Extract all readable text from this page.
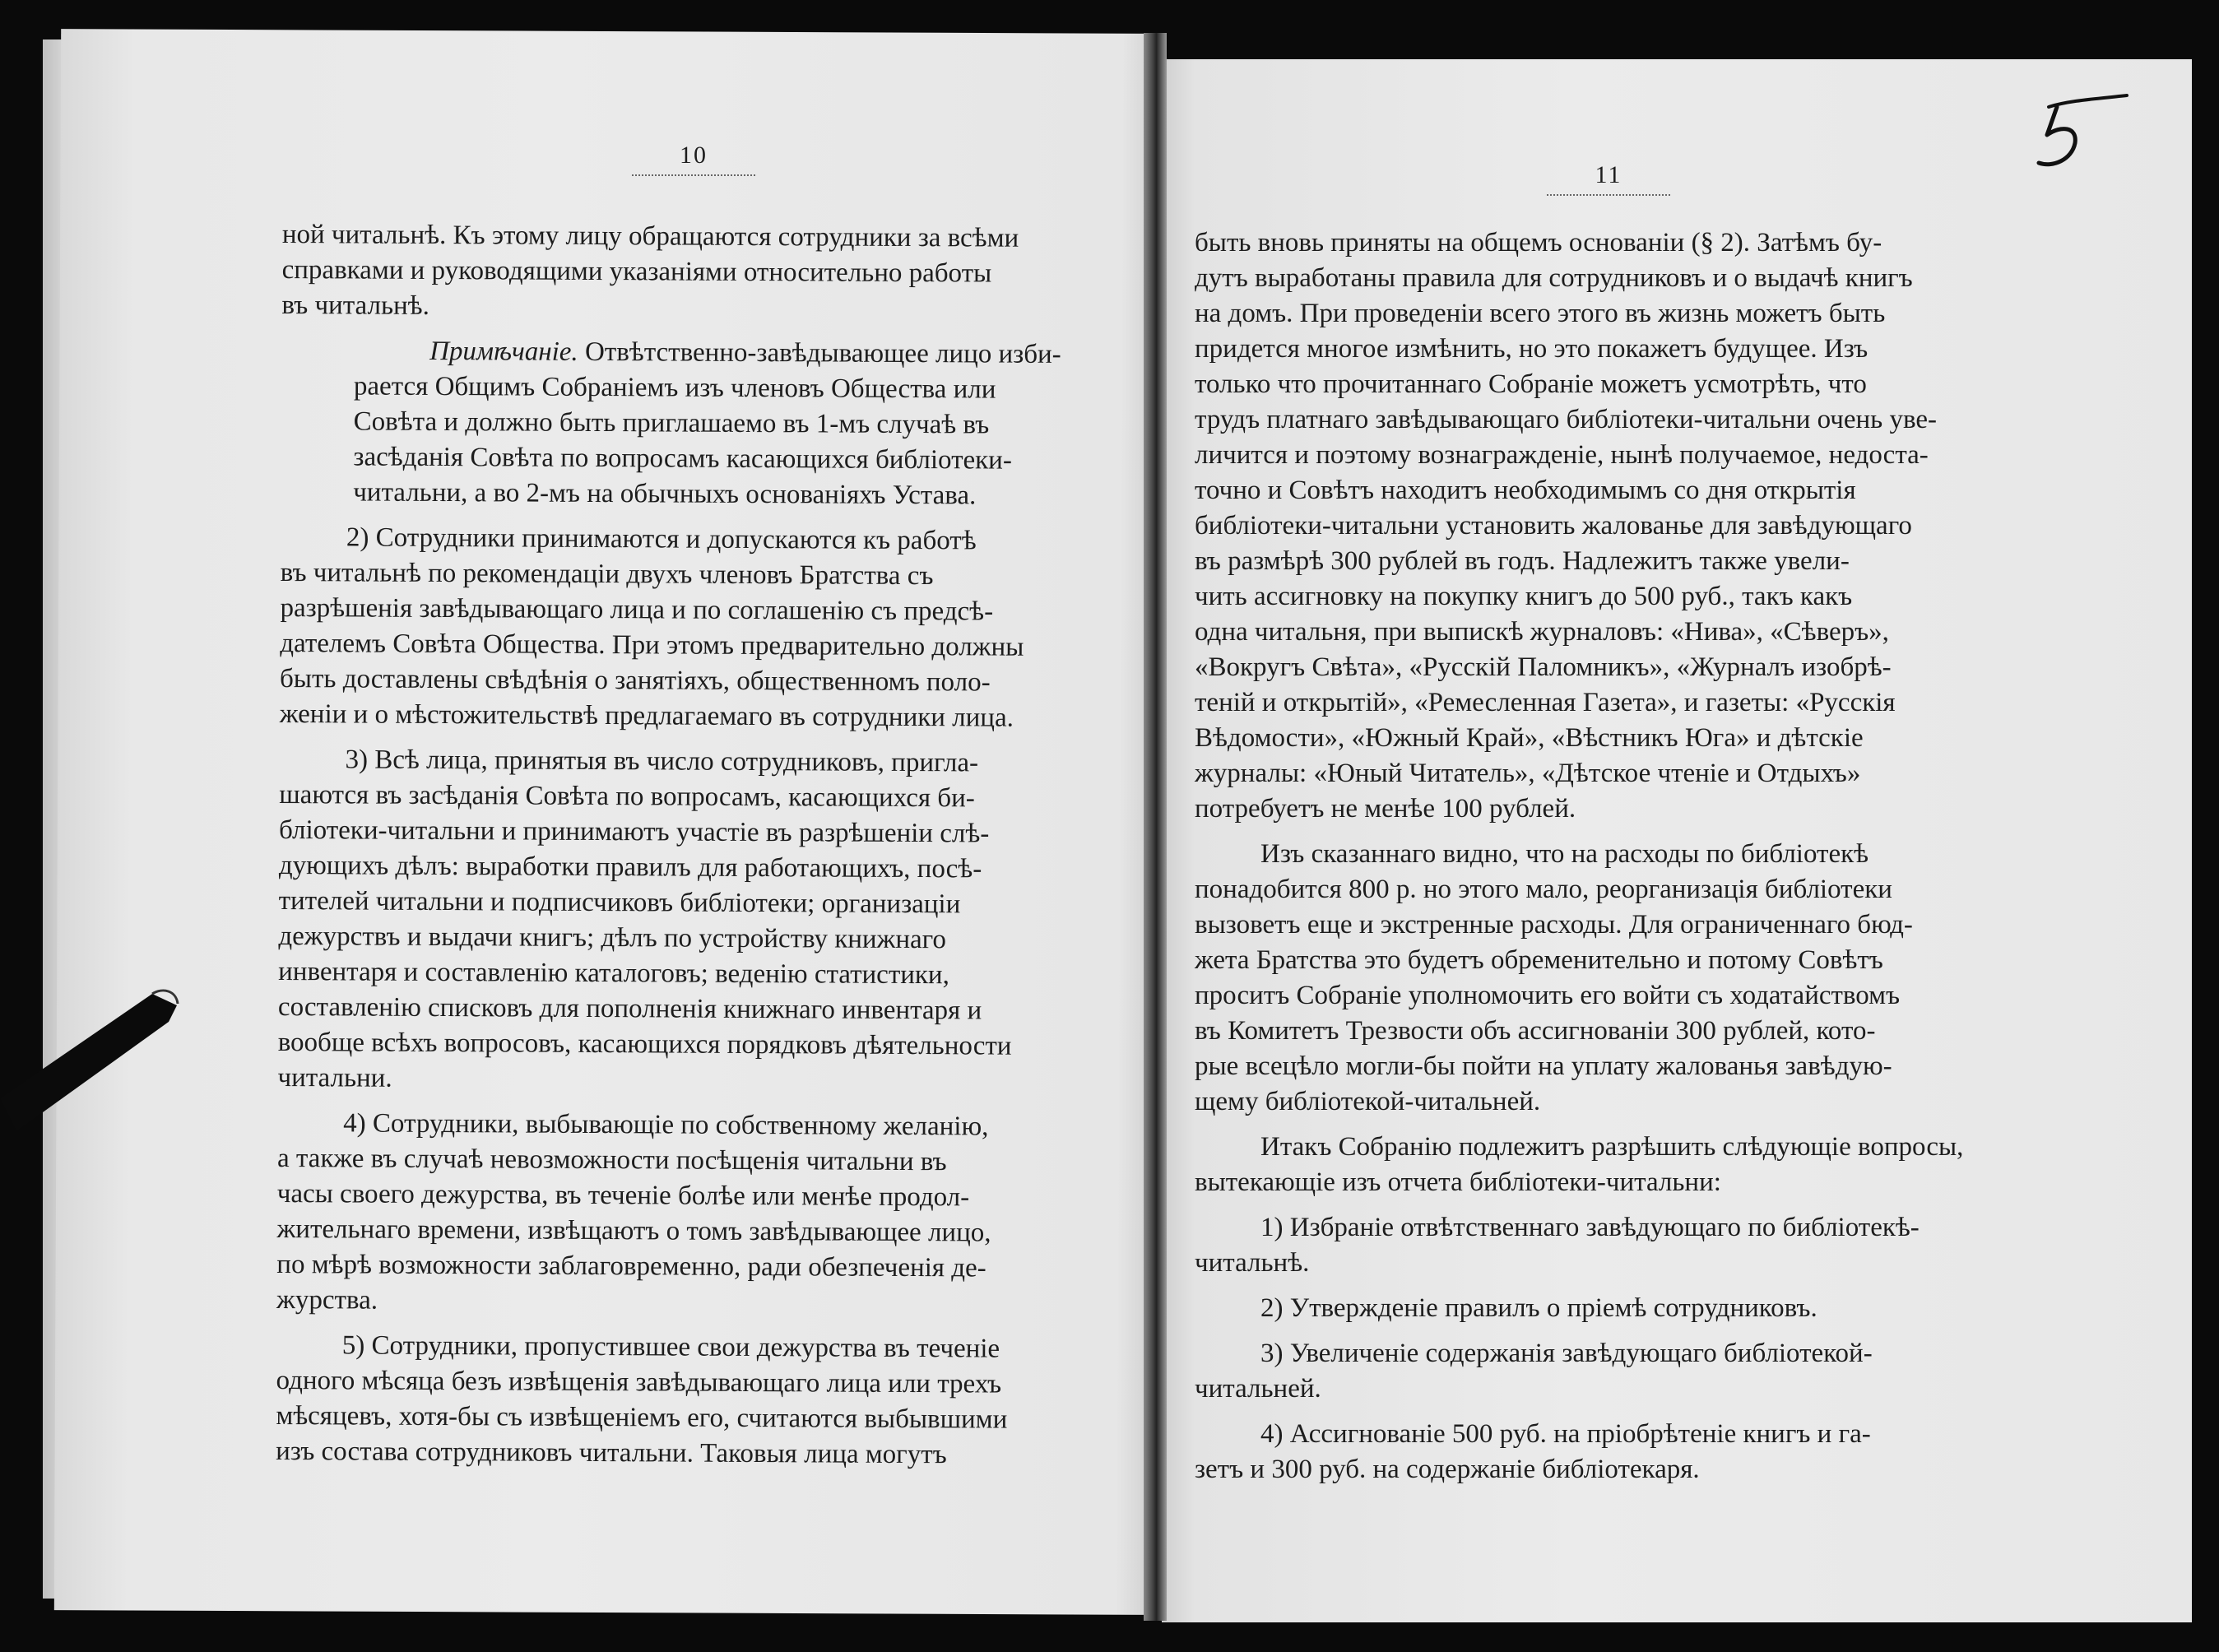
10
11
ной читальнѣ. Къ этому лицу обращаются сотрудники за всѣми
справками и руководящими указаніями относительно работы
въ читальнѣ.
Примѣчаніе. Отвѣтственно-завѣдывающее лицо изби-
рается Общимъ Собраніемъ изъ членовъ Общества или
Совѣта и должно быть приглашаемо въ 1-мъ случаѣ въ
засѣданія Совѣта по вопросамъ касающихся библіотеки-
читальни, а во 2-мъ на обычныхъ основаніяхъ Устава.
2) Сотрудники принимаются и допускаются къ работѣ
въ читальнѣ по рекомендаціи двухъ членовъ Братства съ
разрѣшенія завѣдывающаго лица и по соглашенію съ предсѣ-
дателемъ Совѣта Общества. При этомъ предварительно должны
быть доставлены свѣдѣнія о занятіяхъ, общественномъ поло-
женіи и о мѣстожительствѣ предлагаемаго въ сотрудники лица.
3) Всѣ лица, принятыя въ число сотрудниковъ, пригла-
шаются въ засѣданія Совѣта по вопросамъ, касающихся би-
бліотеки-читальни и принимаютъ участіе въ разрѣшеніи слѣ-
дующихъ дѣлъ: выработки правилъ для работающихъ, посѣ-
тителей читальни и подписчиковъ библіотеки; организаціи
дежурствъ и выдачи книгъ; дѣлъ по устройству книжнаго
инвентаря и составленію каталоговъ; веденію статистики,
составленію списковъ для пополненія книжнаго инвентаря и
вообще всѣхъ вопросовъ, касающихся порядковъ дѣятельности
читальни.
4) Сотрудники, выбывающіе по собственному желанію,
а также въ случаѣ невозможности посѣщенія читальни въ
часы своего дежурства, въ теченіе болѣе или менѣе продол-
жительнаго времени, извѣщаютъ о томъ завѣдывающее лицо,
по мѣрѣ возможности заблаговременно, ради обезпеченія де-
журства.
5) Сотрудники, пропустившее свои дежурства въ теченіе
одного мѣсяца безъ извѣщенія завѣдывающаго лица или трехъ
мѣсяцевъ, хотя-бы съ извѣщеніемъ его, считаются выбывшими
изъ состава сотрудниковъ читальни. Таковыя лица могутъ
быть вновь приняты на общемъ основаніи (§ 2). Затѣмъ бу-
дутъ выработаны правила для сотрудниковъ и о выдачѣ книгъ
на домъ. При проведеніи всего этого въ жизнь можетъ быть
придется многое измѣнить, но это покажетъ будущее. Изъ
только что прочитаннаго Собраніе можетъ усмотрѣть, что
трудъ платнаго завѣдывающаго библіотеки-читальни очень уве-
личится и поэтому вознагражденіе, нынѣ получаемое, недоста-
точно и Совѣтъ находитъ необходимымъ со дня открытія
библіотеки-читальни установить жалованье для завѣдующаго
въ размѣрѣ 300 рублей въ годъ. Надлежитъ также увели-
чить ассигновку на покупку книгъ до 500 руб., такъ какъ
одна читальня, при выпискѣ журналовъ: «Нива», «Сѣверъ»,
«Вокругъ Свѣта», «Русскій Паломникъ», «Журналъ изобрѣ-
теній и открытій», «Ремесленная Газета», и газеты: «Русскія
Вѣдомости», «Южный Край», «Вѣстникъ Юга» и дѣтскіе
журналы: «Юный Читатель», «Дѣтское чтеніе и Отдыхъ»
потребуетъ не менѣе 100 рублей.
Изъ сказаннаго видно, что на расходы по библіотекѣ
понадобится 800 р. но этого мало, реорганизація библіотеки
вызоветъ еще и экстренные расходы. Для ограниченнаго бюд-
жета Братства это будетъ обременительно и потому Совѣтъ
проситъ Собраніе уполномочить его войти съ ходатайствомъ
въ Комитетъ Трезвости объ ассигнованіи 300 рублей, кото-
рые всецѣло могли-бы пойти на уплату жалованья завѣдую-
щему библіотекой-читальней.
Итакъ Собранію подлежитъ разрѣшить слѣдующіе вопросы,
вытекающіе изъ отчета библіотеки-читальни:
1) Избраніе отвѣтственнаго завѣдующаго по библіотекѣ-
читальнѣ.
2) Утвержденіе правилъ о пріемѣ сотрудниковъ.
3) Увеличеніе содержанія завѣдующаго библіотекой-
читальней.
4) Ассигнованіе 500 руб. на пріобрѣтеніе книгъ и га-
зетъ и 300 руб. на содержаніе библіотекаря.
